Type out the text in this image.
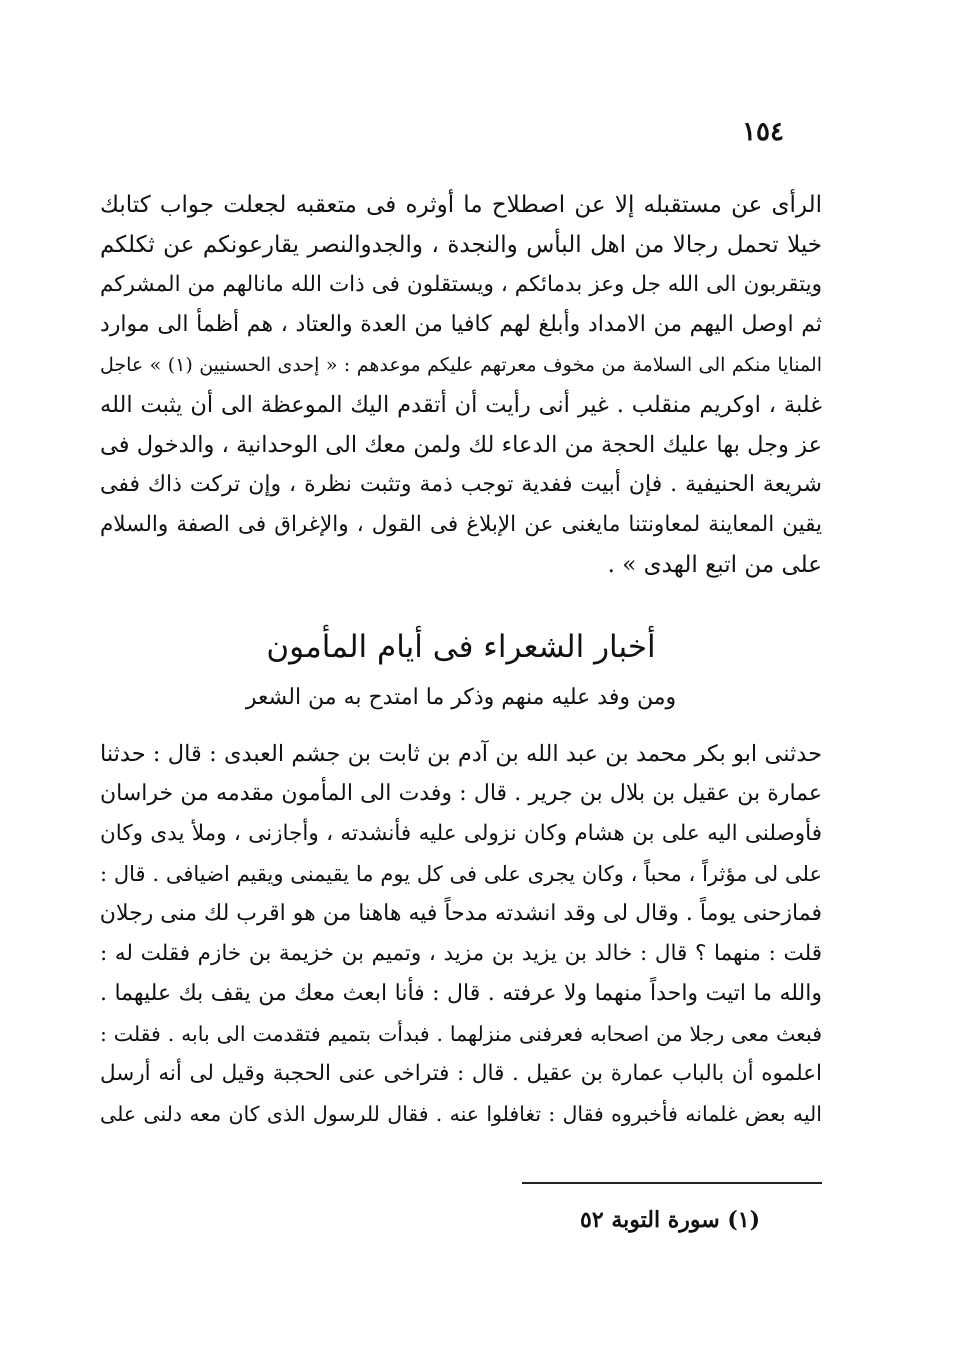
١٥٤
الرأى عن مستقبله إلا عن اصطلاح ما أوثره فى متعقبه لجعلت جواب كتابك
خيلا تحمل رجالا من اهل البأس والنجدة ، والجدوالنصر يقارعونكم عن ثكلكم
ويتقربون الى الله جل وعز بدمائكم ، ويستقلون فى ذات الله مانالهم من المشركم
ثم اوصل اليهم من الامداد وأبلغ لهم كافيا من العدة والعتاد ، هم أظمأ الى موارد
المنايا منكم الى السلامة من مخوف معرتهم عليكم موعدهم : « إحدى الحسنيين (١) » عاجل
غلبة ، اوكريم منقلب . غير أنى رأيت أن أتقدم اليك الموعظة الى أن يثبت الله
عز وجل بها عليك الحجة من الدعاء لك ولمن معك الى الوحدانية ، والدخول فى
شريعة الحنيفية . فإن أبيت ففدية توجب ذمة وتثبت نظرة ، وإن تركت ذاك ففى
يقين المعاينة لمعاونتنا مايغنى عن الإبلاغ فى القول ، والإغراق فى الصفة والسلام
على من اتبع الهدى » .
أخبار الشعراء فى أيام المأمون
ومن وفد عليه منهم وذكر ما امتدح به من الشعر
حدثنى ابو بكر محمد بن عبد الله بن آدم بن ثابت بن جشم العبدى : قال : حدثنا
عمارة بن عقيل بن بلال بن جرير . قال : وفدت الى المأمون مقدمه من خراسان
فأوصلنى اليه على بن هشام وكان نزولى عليه فأنشدته ، وأجازنى ، وملأ يدى وكان
على لى مؤثراً ، محباً ، وكان يجرى على فى كل يوم ما يقيمنى ويقيم اضيافى . قال :
فمازحنى يوماً . وقال لى وقد انشدته مدحاً فيه هاهنا من هو اقرب لك منى رجلان
قلت : منهما ؟ قال : خالد بن يزيد بن مزيد ، وتميم بن خزيمة بن خازم فقلت له :
والله ما اتيت واحداً منهما ولا عرفته . قال : فأنا ابعث معك من يقف بك عليهما .
فبعث معى رجلا من اصحابه فعرفنى منزلهما . فبدأت بتميم فتقدمت الى بابه . فقلت :
اعلموه أن بالباب عمارة بن عقيل . قال : فتراخى عنى الحجبة وقيل لى أنه أرسل
اليه بعض غلمانه فأخبروه فقال : تغافلوا عنه . فقال للرسول الذى كان معه دلنى على
(١) سورة التوبة ٥٢
